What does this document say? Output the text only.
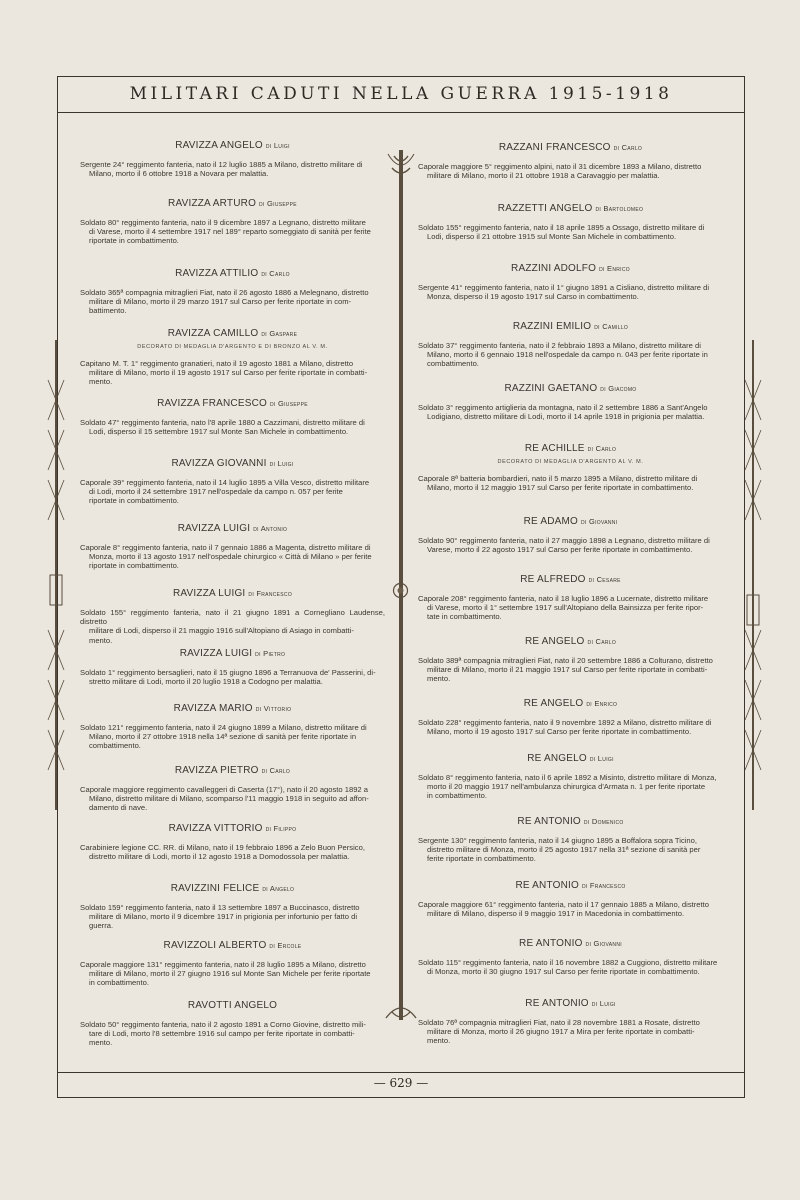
MILITARI CADUTI NELLA GUERRA 1915-1918
— 629 —
RAVIZZA ANGELO di Luigi
Sergente 24° reggimento fanteria, nato il 12 luglio 1885 a Milano, distretto militare di
Milano, morto il 6 ottobre 1918 a Novara per malattia.
RAVIZZA ARTURO di Giuseppe
Soldato 80° reggimento fanteria, nato il 9 dicembre 1897 a Legnano, distretto militare
di Varese, morto il 4 settembre 1917 nel 189° reparto someggiato di sanità per ferite
riportate in combattimento.
RAVIZZA ATTILIO di Carlo
Soldato 365ª compagnia mitraglieri Fiat, nato il 26 agosto 1886 a Melegnano, distretto
militare di Milano, morto il 29 marzo 1917 sul Carso per ferite riportate in com-
battimento.
RAVIZZA CAMILLO di Gaspare
DECORATO DI MEDAGLIA D'ARGENTO E DI BRONZO AL V. M.
Capitano M. T. 1° reggimento granatieri, nato il 19 agosto 1881 a Milano, distretto
militare di Milano, morto il 19 agosto 1917 sul Carso per ferite riportate in combatti-
mento.
RAVIZZA FRANCESCO di Giuseppe
Soldato 47° reggimento fanteria, nato l'8 aprile 1880 a Cazzimani, distretto militare di
Lodi, disperso il 15 settembre 1917 sul Monte San Michele in combattimento.
RAVIZZA GIOVANNI di Luigi
Caporale 39° reggimento fanteria, nato il 14 luglio 1895 a Villa Vesco, distretto militare
di Lodi, morto il 24 settembre 1917 nell'ospedale da campo n. 057 per ferite
riportate in combattimento.
RAVIZZA LUIGI di Antonio
Caporale 8° reggimento fanteria, nato il 7 gennaio 1886 a Magenta, distretto militare di
Monza, morto il 13 agosto 1917 nell'ospedale chirurgico « Città di Milano » per ferite
riportate in combattimento.
RAVIZZA LUIGI di Francesco
Soldato 155° reggimento fanteria, nato il 21 giugno 1891 a Cornegliano Laudense, distretto
militare di Lodi, disperso il 21 maggio 1916 sull'Altopiano di Asiago in combatti-
mento.
RAVIZZA LUIGI di Pietro
Soldato 1° reggimento bersaglieri, nato il 15 giugno 1896 a Terranuova de' Passerini, di-
stretto militare di Lodi, morto il 20 luglio 1918 a Codogno per malattia.
RAVIZZA MARIO di Vittorio
Soldato 121° reggimento fanteria, nato il 24 giugno 1899 a Milano, distretto militare di
Milano, morto il 27 ottobre 1918 nella 14ª sezione di sanità per ferite riportate in
combattimento.
RAVIZZA PIETRO di Carlo
Caporale maggiore reggimento cavalleggeri di Caserta (17°), nato il 20 agosto 1892 a
Milano, distretto militare di Milano, scomparso l'11 maggio 1918 in seguito ad affon-
damento di nave.
RAVIZZA VITTORIO di Filippo
Carabiniere legione CC. RR. di Milano, nato il 19 febbraio 1896 a Zelo Buon Persico,
distretto militare di Lodi, morto il 12 agosto 1918 a Domodossola per malattia.
RAVIZZINI FELICE di Angelo
Soldato 159° reggimento fanteria, nato il 13 settembre 1897 a Buccinasco, distretto
militare di Milano, morto il 9 dicembre 1917 in prigionia per infortunio per fatto di
guerra.
RAVIZZOLI ALBERTO di Ercole
Caporale maggiore 131° reggimento fanteria, nato il 28 luglio 1895 a Milano, distretto
militare di Milano, morto il 27 giugno 1916 sul Monte San Michele per ferite riportate
in combattimento.
RAVOTTI ANGELO
Soldato 50° reggimento fanteria, nato il 2 agosto 1891 a Corno Giovine, distretto mili-
tare di Lodi, morto l'8 settembre 1916 sul campo per ferite riportate in combatti-
mento.
RAZZANI FRANCESCO di Carlo
Caporale maggiore 5° reggimento alpini, nato il 31 dicembre 1893 a Milano, distretto
militare di Milano, morto il 21 ottobre 1918 a Caravaggio per malattia.
RAZZETTI ANGELO di Bartolomeo
Soldato 155° reggimento fanteria, nato il 18 aprile 1895 a Ossago, distretto militare di
Lodi, disperso il 21 ottobre 1915 sul Monte San Michele in combattimento.
RAZZINI ADOLFO di Enrico
Sergente 41° reggimento fanteria, nato il 1° giugno 1891 a Cisliano, distretto militare di
Monza, disperso il 19 agosto 1917 sul Carso in combattimento.
RAZZINI EMILIO di Camillo
Soldato 37° reggimento fanteria, nato il 2 febbraio 1893 a Milano, distretto militare di
Milano, morto il 6 gennaio 1918 nell'ospedale da campo n. 043 per ferite riportate in
combattimento.
RAZZINI GAETANO di Giacomo
Soldato 3° reggimento artiglieria da montagna, nato il 2 settembre 1886 a Sant'Angelo
Lodigiano, distretto militare di Lodi, morto il 14 aprile 1918 in prigionia per malattia.
RE ACHILLE di Carlo
DECORATO DI MEDAGLIA D'ARGENTO AL V. M.
Caporale 8ª batteria bombardieri, nato il 5 marzo 1895 a Milano, distretto militare di
Milano, morto il 12 maggio 1917 sul Carso per ferite riportate in combattimento.
RE ADAMO di Giovanni
Soldato 90° reggimento fanteria, nato il 27 maggio 1898 a Legnano, distretto militare di
Varese, morto il 22 agosto 1917 sul Carso per ferite riportate in combattimento.
RE ALFREDO di Cesare
Caporale 208° reggimento fanteria, nato il 18 luglio 1896 a Lucernate, distretto militare
di Varese, morto il 1° settembre 1917 sull'Altopiano della Bainsizza per ferite ripor-
tate in combattimento.
RE ANGELO di Carlo
Soldato 389ª compagnia mitraglieri Fiat, nato il 20 settembre 1886 a Colturano, distretto
militare di Milano, morto il 21 maggio 1917 sul Carso per ferite riportate in combatti-
mento.
RE ANGELO di Enrico
Soldato 228° reggimento fanteria, nato il 9 novembre 1892 a Milano, distretto militare di
Milano, morto il 19 agosto 1917 sul Carso per ferite riportate in combattimento.
RE ANGELO di Luigi
Soldato 8° reggimento fanteria, nato il 6 aprile 1892 a Misinto, distretto militare di Monza,
morto il 20 maggio 1917 nell'ambulanza chirurgica d'Armata n. 1 per ferite riportate
in combattimento.
RE ANTONIO di Domenico
Sergente 130° reggimento fanteria, nato il 14 giugno 1895 a Boffalora sopra Ticino,
distretto militare di Monza, morto il 25 agosto 1917 nella 31ª sezione di sanità per
ferite riportate in combattimento.
RE ANTONIO di Francesco
Caporale maggiore 61° reggimento fanteria, nato il 17 gennaio 1885 a Milano, distretto
militare di Milano, disperso il 9 maggio 1917 in Macedonia in combattimento.
RE ANTONIO di Giovanni
Soldato 115° reggimento fanteria, nato il 16 novembre 1882 a Cuggiono, distretto militare
di Monza, morto il 30 giugno 1917 sul Carso per ferite riportate in combattimento.
RE ANTONIO di Luigi
Soldato 76ª compagnia mitraglieri Fiat, nato il 28 novembre 1881 a Rosate, distretto
militare di Monza, morto il 26 giugno 1917 a Mira per ferite riportate in combatti-
mento.
